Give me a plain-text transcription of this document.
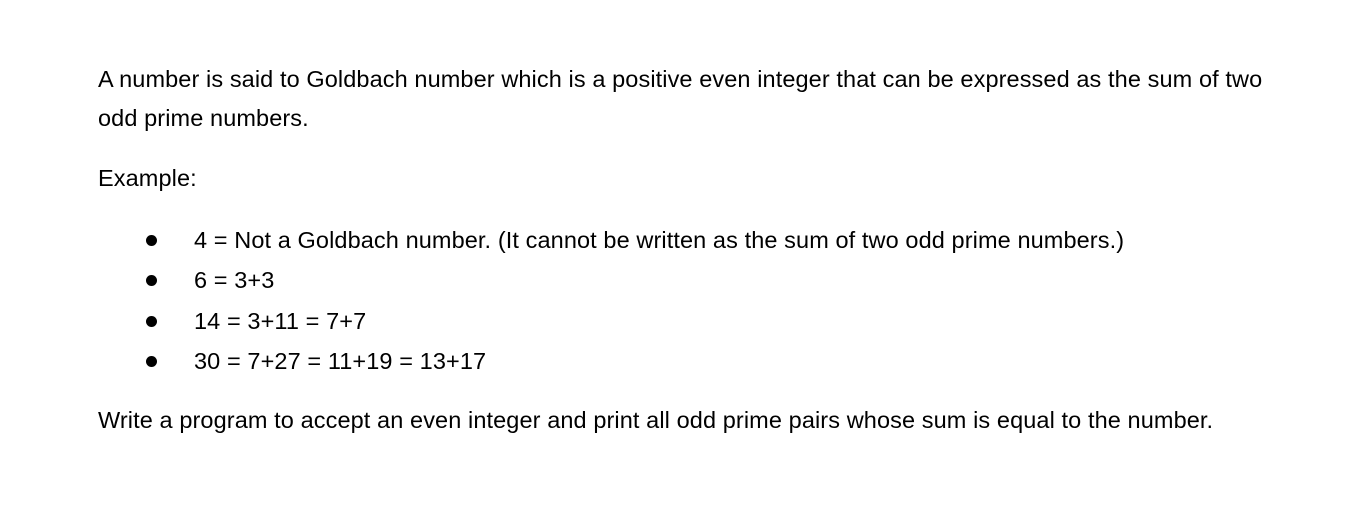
A number is said to Goldbach number which is a positive even integer that can be expressed as the sum of two odd prime numbers.

Example:

4 = Not a Goldbach number. (It cannot be written as the sum of two odd prime numbers.)
6 = 3+3
14 = 3+11 = 7+7
30 = 7+27 = 11+19 = 13+17

Write a program to accept an even integer and print all odd prime pairs whose sum is equal to the number.
